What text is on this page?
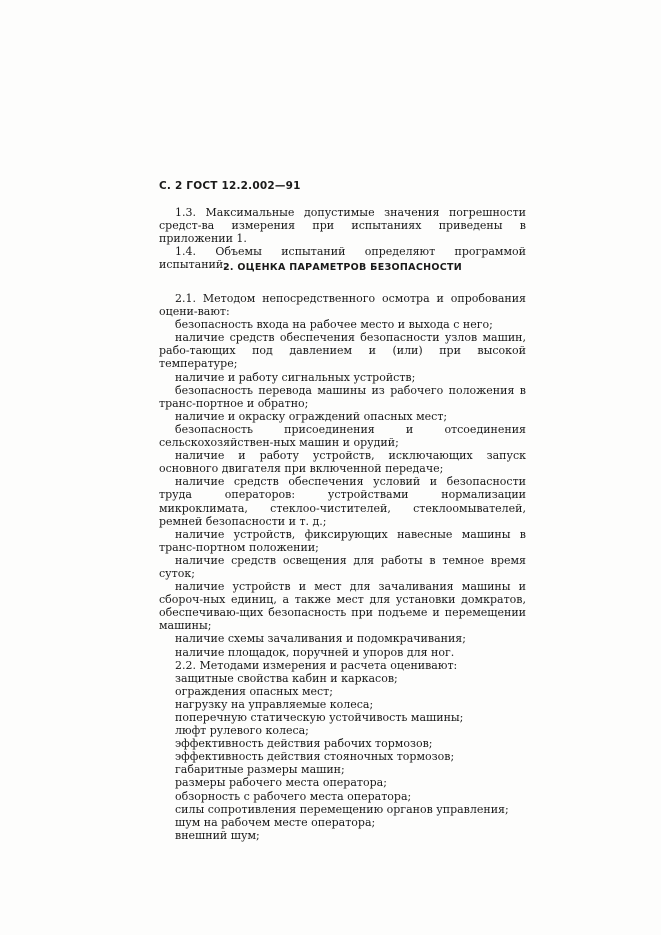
С. 2 ГОСТ 12.2.002—91

1.3. Максимальные допустимые значения погрешности средст-ва измерения при испытаниях приведены в приложении 1.

1.4. Объемы испытаний определяют программой испытаний.

2. ОЦЕНКА ПАРАМЕТРОВ БЕЗОПАСНОСТИ

2.1. Методом непосредственного осмотра и опробования оцени-вают:

безопасность входа на рабочее место и выхода с него;

наличие средств обеспечения безопасности узлов машин, рабо-тающих под давлением и (или) при высокой температуре;

наличие и работу сигнальных устройств;

безопасность перевода машины из рабочего положения в транс-портное и обратно;

наличие и окраску ограждений опасных мест;

безопасность присоединения и отсоединения сельскохозяйствен-ных машин и орудий;

наличие и работу устройств, исключающих запуск основного двигателя при включенной передаче;

наличие средств обеспечения условий и безопасности труда операторов: устройствами нормализации микроклимата, стеклоо-чистителей, стеклоомывателей, ремней безопасности и т. д.;

наличие устройств, фиксирующих навесные машины в транс-портном положении;

наличие средств освещения для работы в темное время суток;

наличие устройств и мест для зачаливания машины и сбороч-ных единиц, а также мест для установки домкратов, обеспечиваю-щих безопасность при подъеме и перемещении машины;

наличие схемы зачаливания и подомкрачивания;

наличие площадок, поручней и упоров для ног.

2.2. Методами измерения и расчета оценивают:

защитные свойства кабин и каркасов;

ограждения опасных мест;

нагрузку на управляемые колеса;

поперечную статическую устойчивость машины;

люфт рулевого колеса;

эффективность действия рабочих тормозов;

эффективность действия стояночных тормозов;

габаритные размеры машин;

размеры рабочего места оператора;

обзорность с рабочего места оператора;

силы сопротивления перемещению органов управления;

шум на рабочем месте оператора;

внешний шум;
